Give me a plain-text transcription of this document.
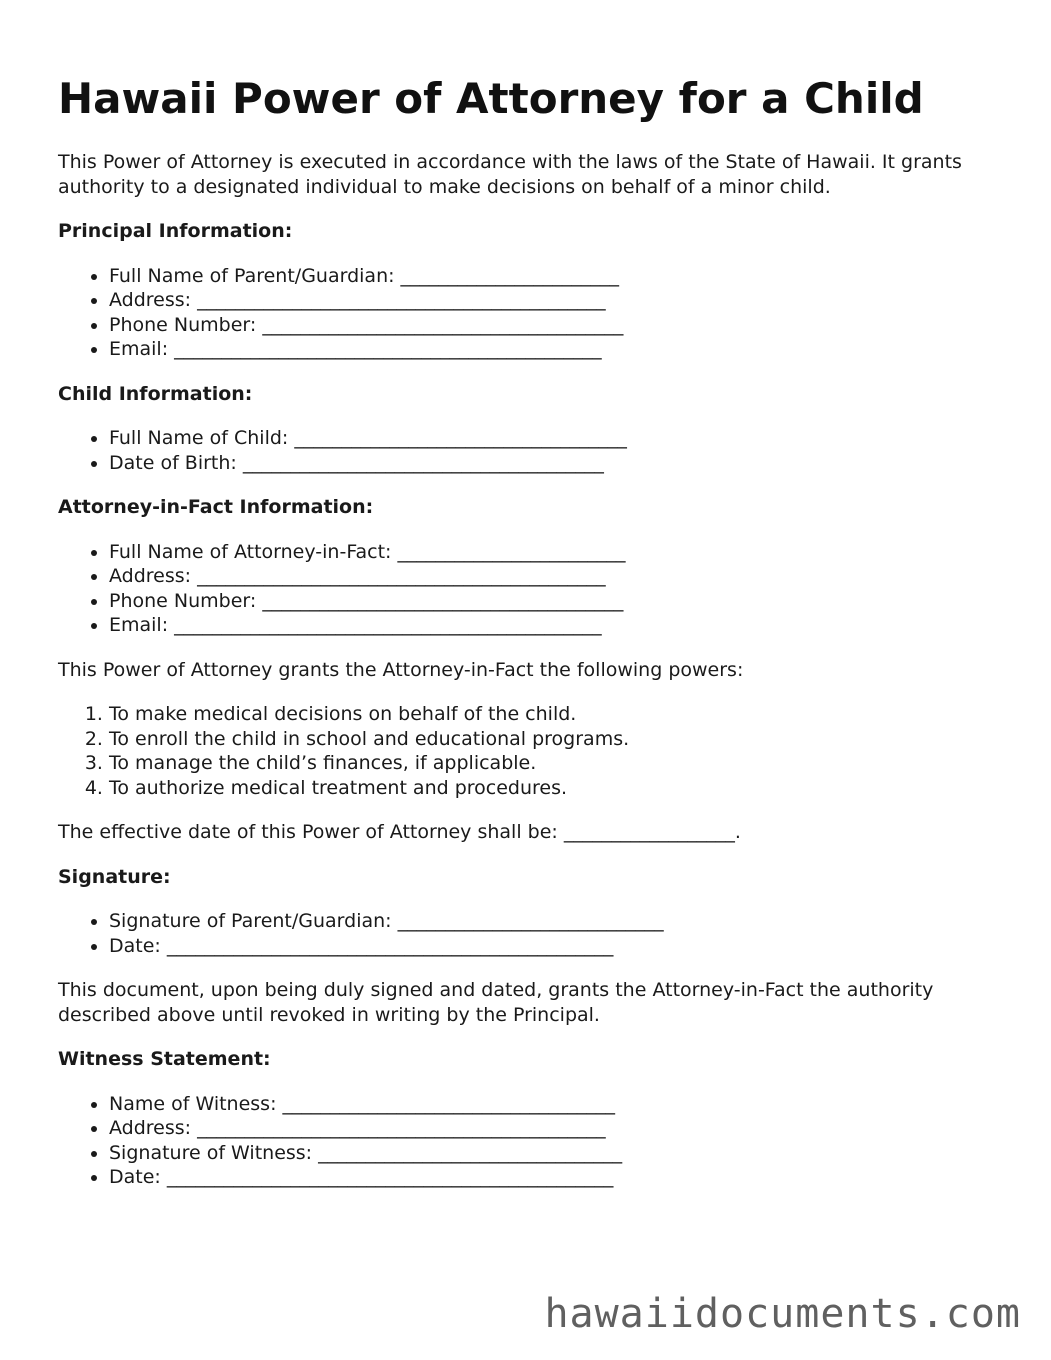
Hawaii Power of Attorney for a Child

This Power of Attorney is executed in accordance with the laws of the State of Hawaii. It grants authority to a designated individual to make decisions on behalf of a minor child.

Principal Information:
• Full Name of Parent/Guardian: _______________________
• Address: ___________________________________________
• Phone Number: ______________________________________
• Email: _____________________________________________
Child Information:
• Full Name of Child: ___________________________________
• Date of Birth: ______________________________________
Attorney-in-Fact Information:
• Full Name of Attorney-in-Fact: ________________________
• Address: ___________________________________________
• Phone Number: ______________________________________
• Email: _____________________________________________

This Power of Attorney grants the Attorney-in-Fact the following powers:

1. To make medical decisions on behalf of the child.
2. To enroll the child in school and educational programs.
3. To manage the child’s finances, if applicable.
4. To authorize medical treatment and procedures.

The effective date of this Power of Attorney shall be: __________________.

Signature:
• Signature of Parent/Guardian: ____________________________
• Date: _______________________________________________

This document, upon being duly signed and dated, grants the Attorney-in-Fact the authority described above until revoked in writing by the Principal.

Witness Statement:
• Name of Witness: ___________________________________
• Address: ___________________________________________
• Signature of Witness: ________________________________
• Date: _______________________________________________
hawaiidocuments.com
